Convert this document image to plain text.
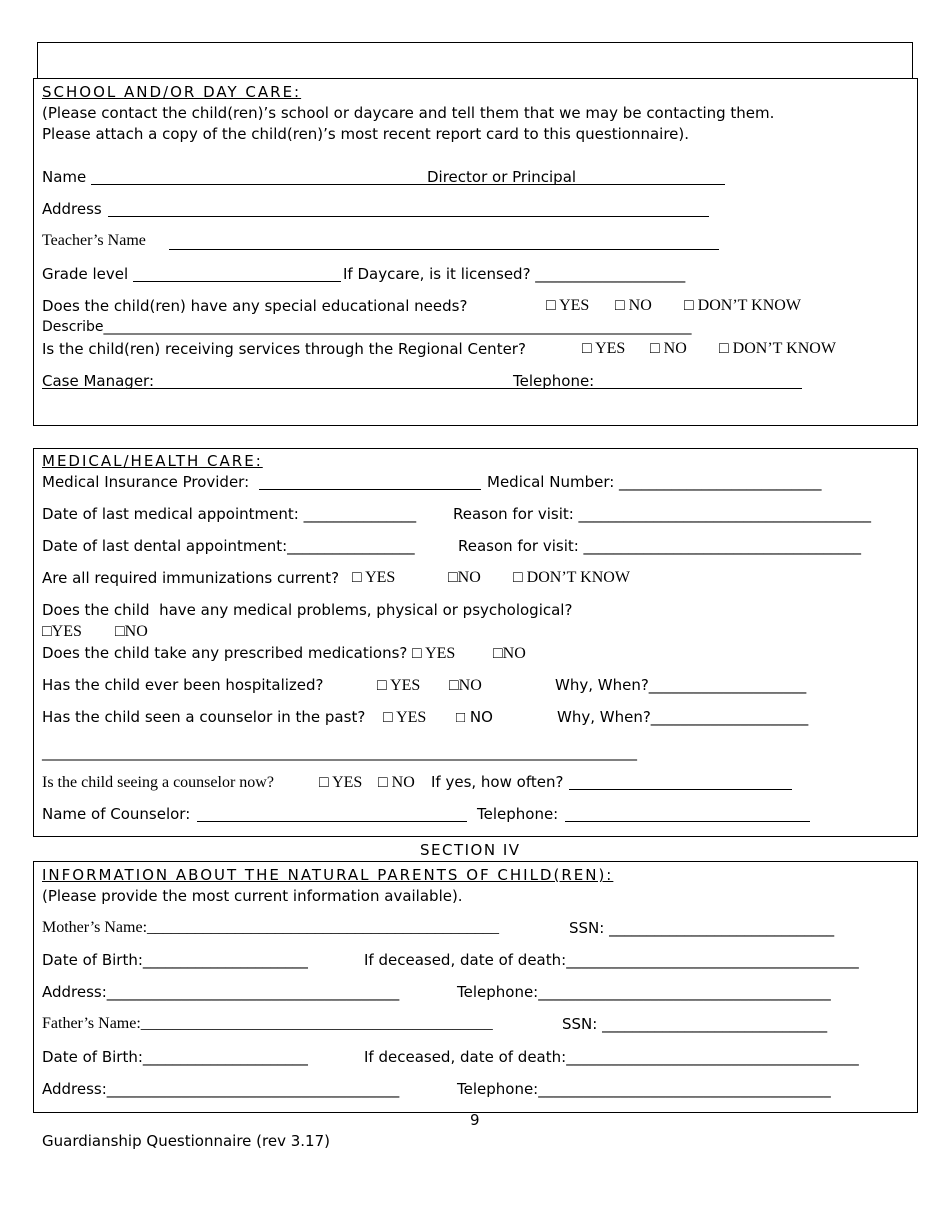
SCHOOL AND/OR DAY CARE:
(Please contact the child(ren)’s school or daycare and tell them that we may be contacting them.
Please attach a copy of the child(ren)’s most recent report card to this questionnaire).
Name	Director or Principal
Address
Teacher’s Name
Grade level	If Daycare, is it licensed? ____________________
Does the child(ren) have any special educational needs?	□ YES □ NO □ DON’T KNOW
Describe____________________________________________________________________________________
Is the child(ren) receiving services through the Regional Center?	□ YES □ NO □ DON’T KNOW
Case Manager:	Telephone:
MEDICAL/HEALTH CARE:
Medical Insurance Provider:	Medical Number: ___________________________
Date of last medical appointment: _______________ Reason for visit: _______________________________________
Date of last dental appointment:_________________	Reason for visit: _____________________________________
Are all required immunizations current? □ YES	□NO □ DON’T KNOW
Does the child  have any medical problems, physical or psychological?
□YES □NO
Does the child take any prescribed medications? □ YES □NO
Has the child ever been hospitalized?	□ YES □NO	Why, When?_____________________
Has the child seen a counselor in the past? □ YES □ NO	Why, When?_____________________
_____________________________________________________________________________________
Is the child seeing a counselor now?	□ YES □ NO If yes, how often?
Name of Counselor:	Telephone:
SECTION IV
INFORMATION ABOUT THE NATURAL PARENTS OF CHILD(REN):
(Please provide the most current information available).
Mother’s Name:____________________________________________	SSN: ______________________________
Date of Birth:______________________	If deceased, date of death:_______________________________________
Address:_______________________________________	Telephone:_______________________________________
Father’s Name:____________________________________________	SSN: ______________________________
Date of Birth:______________________	If deceased, date of death:_______________________________________
Address:_______________________________________	Telephone:_______________________________________
9
Guardianship Questionnaire (rev 3.17)
